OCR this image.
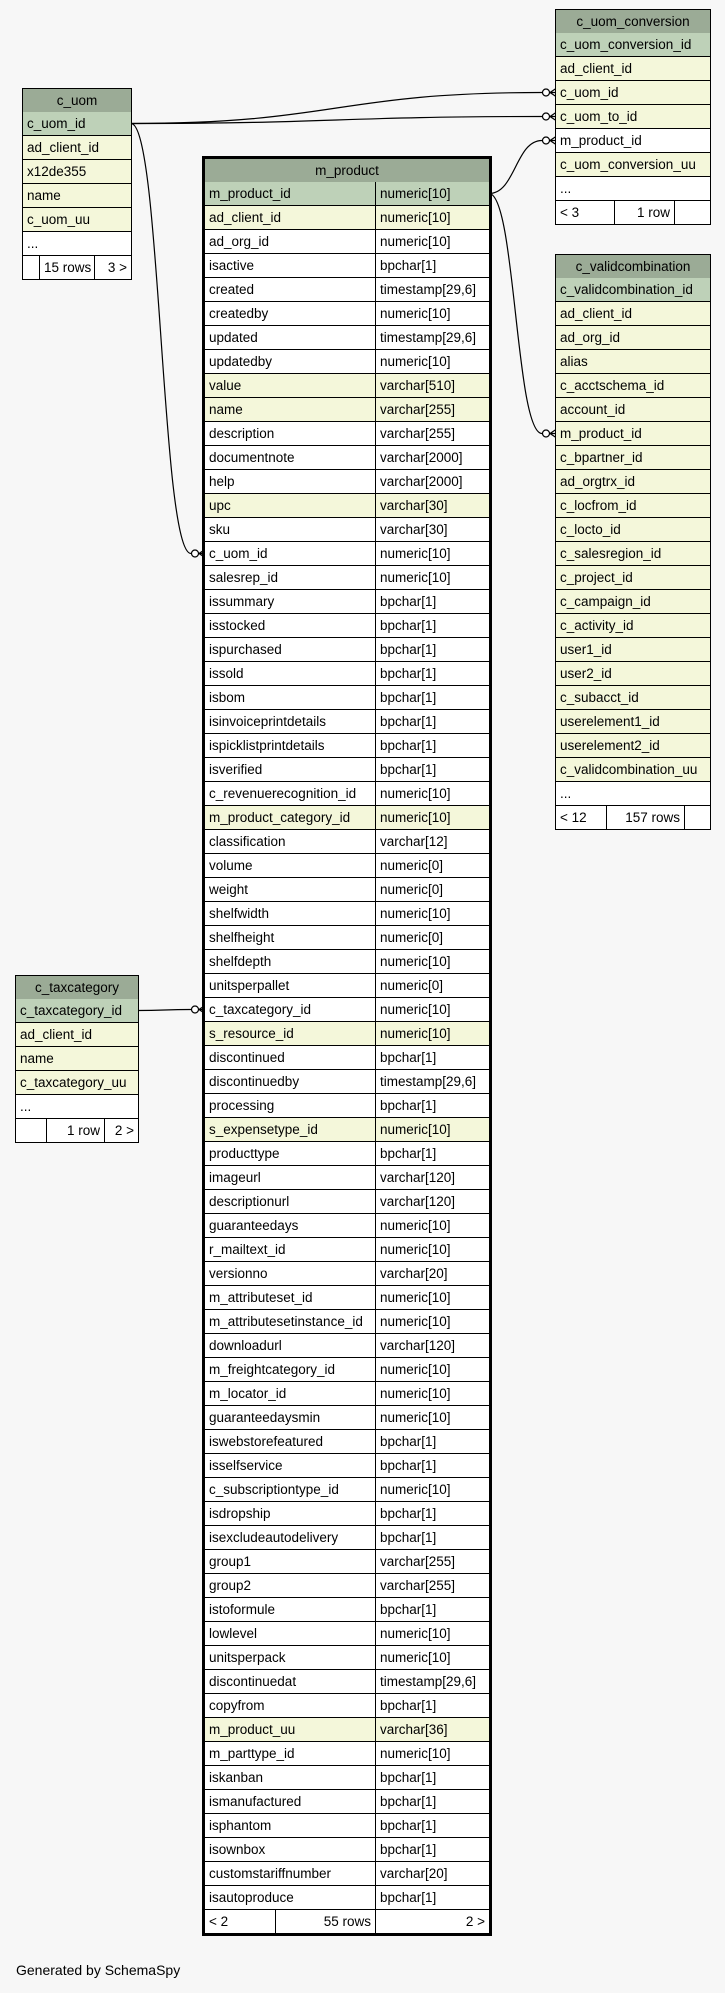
c_uom
c_uom_id
ad_client_id
x12de355
name
c_uom_uu
...
15 rows	3 >
c_uom_conversion
c_uom_conversion_id
ad_client_id
c_uom_id
c_uom_to_id
m_product_id
c_uom_conversion_uu
...
< 3	1 row
c_validcombination
c_validcombination_id
ad_client_id
ad_org_id
alias
c_acctschema_id
account_id
m_product_id
c_bpartner_id
ad_orgtrx_id
c_locfrom_id
c_locto_id
c_salesregion_id
c_project_id
c_campaign_id
c_activity_id
user1_id
user2_id
c_subacct_id
userelement1_id
userelement2_id
c_validcombination_uu
...
< 12	157 rows
c_taxcategory
c_taxcategory_id
ad_client_id
name
c_taxcategory_uu
...
1 row	2 >
m_product
m_product_id	numeric[10]
ad_client_id	numeric[10]
ad_org_id	numeric[10]
isactive	bpchar[1]
created	timestamp[29,6]
createdby	numeric[10]
updated	timestamp[29,6]
updatedby	numeric[10]
value	varchar[510]
name	varchar[255]
description	varchar[255]
documentnote	varchar[2000]
help	varchar[2000]
upc	varchar[30]
sku	varchar[30]
c_uom_id	numeric[10]
salesrep_id	numeric[10]
issummary	bpchar[1]
isstocked	bpchar[1]
ispurchased	bpchar[1]
issold	bpchar[1]
isbom	bpchar[1]
isinvoiceprintdetails	bpchar[1]
ispicklistprintdetails	bpchar[1]
isverified	bpchar[1]
c_revenuerecognition_id	numeric[10]
m_product_category_id	numeric[10]
classification	varchar[12]
volume	numeric[0]
weight	numeric[0]
shelfwidth	numeric[10]
shelfheight	numeric[0]
shelfdepth	numeric[10]
unitsperpallet	numeric[0]
c_taxcategory_id	numeric[10]
s_resource_id	numeric[10]
discontinued	bpchar[1]
discontinuedby	timestamp[29,6]
processing	bpchar[1]
s_expensetype_id	numeric[10]
producttype	bpchar[1]
imageurl	varchar[120]
descriptionurl	varchar[120]
guaranteedays	numeric[10]
r_mailtext_id	numeric[10]
versionno	varchar[20]
m_attributeset_id	numeric[10]
m_attributesetinstance_id	numeric[10]
downloadurl	varchar[120]
m_freightcategory_id	numeric[10]
m_locator_id	numeric[10]
guaranteedaysmin	numeric[10]
iswebstorefeatured	bpchar[1]
isselfservice	bpchar[1]
c_subscriptiontype_id	numeric[10]
isdropship	bpchar[1]
isexcludeautodelivery	bpchar[1]
group1	varchar[255]
group2	varchar[255]
istoformule	bpchar[1]
lowlevel	numeric[10]
unitsperpack	numeric[10]
discontinuedat	timestamp[29,6]
copyfrom	bpchar[1]
m_product_uu	varchar[36]
m_parttype_id	numeric[10]
iskanban	bpchar[1]
ismanufactured	bpchar[1]
isphantom	bpchar[1]
isownbox	bpchar[1]
customstariffnumber	varchar[20]
isautoproduce	bpchar[1]
< 2	55 rows	2 >
Generated by SchemaSpy
